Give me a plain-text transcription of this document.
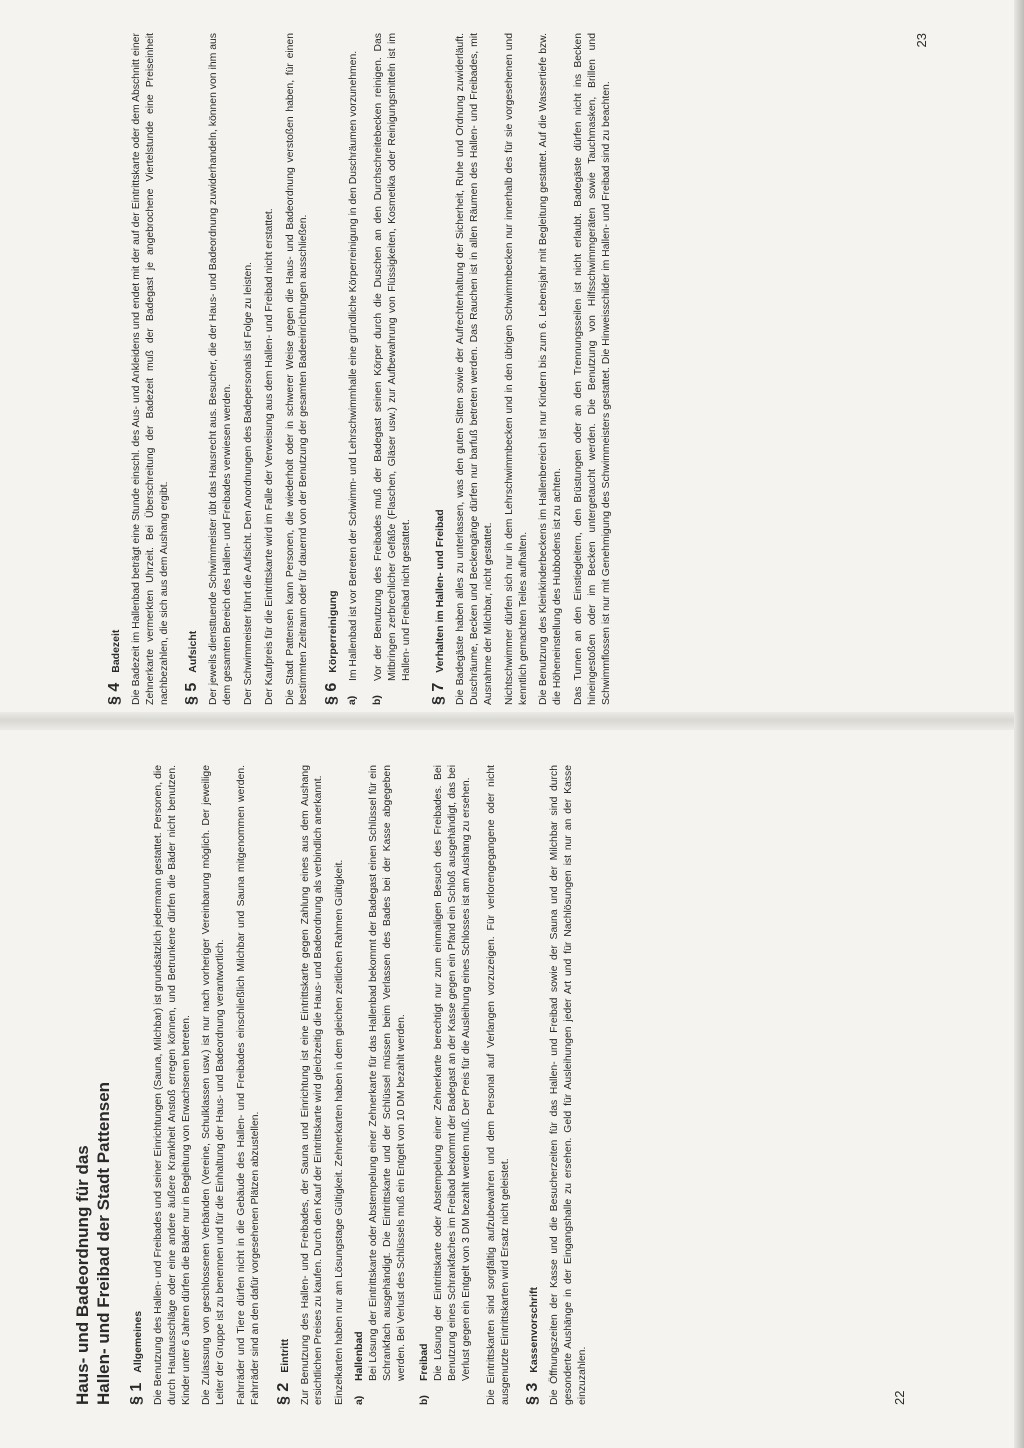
Haus- und Badeordnung für das Hallen- und Freibad der Stadt Pattensen § 1
Allgemeines Die Benutzung des Hallen- und Freibades und seiner Einrichtungen (Sauna, Milchbar) ist grundsätzlich jedermann gestattet. Personen, die durch Hautausschläge oder eine andere äußere Krankheit Anstoß erregen können, und Betrunkene dürfen die Bäder nicht benutzen. Kinder unter 6 Jahren dürfen die Bäder nur in Begleitung von Erwachsenen betreten. Die Zulassung von geschlossenen Verbänden (Vereine, Schulklassen usw.) ist nur nach vorheriger Vereinbarung möglich. Der jeweilige Leiter der Gruppe ist zu benennen und für die Einhaltung der Haus- und Badeordnung verantwortlich. Fahrräder und Tiere dürfen nicht in die Gebäude des Hallen- und Freibades einschließlich Milchbar und Sauna mitgenommen werden. Fahrräder sind an den dafür vorgesehenen Plätzen abzustellen. § 2
Eintritt Zur Benutzung des Hallen- und Freibades, der Sauna und Einrichtung ist eine Eintrittskarte gegen Zahlung eines aus dem Aushang ersichtlichen Preises zu kaufen. Durch den Kauf der Eintrittskarte wird gleichzeitig die Haus- und Badeordnung als verbindlich anerkannt. Einzelkarten haben nur am Lösungstage Gültigkeit. Zehnerkarten haben in dem gleichen zeitlichen Rahmen Gültigkeit. a)
Hallenbad Bei Lösung der Eintrittskarte oder Abstempelung einer Zehnerkarte für das Hallenbad bekommt der Badegast einen Schlüssel für ein Schrankfach ausgehändigt. Die Eintrittskarte und der Schlüssel müssen beim Verlassen des Bades bei der Kasse abgegeben werden. Bei Verlust des Schlüssels muß ein Entgelt von 10 DM bezahlt werden.

b)
Freibad Die Lösung der Eintrittskarte oder Abstempelung einer Zehnerkarte berechtigt nur zum einmaligen Besuch des Freibades. Bei Benutzung eines Schrankfaches im Freibad bekommt der Badegast an der Kasse gegen ein Pfand ein Schloß ausgehändigt, das bei Verlust gegen ein Entgelt von 3 DM bezahlt werden muß. Der Preis für die Ausleihung eines Schlosses ist am Aushang zu ersehen. Die Eintrittskarten sind sorgfältig aufzubewahren und dem Personal auf Verlangen vorzuzeigen. Für verlorengegangene oder nicht ausgenutzte Eintrittskarten wird Ersatz nicht geleistet. § 3
Kassenvorschrift Die Öffnungszeiten der Kasse und die Besucherzeiten für das Hallen- und Freibad sowie der Sauna und der Milchbar sind durch gesonderte Aushänge in der Eingangshalle zu ersehen. Geld für Ausleihungen jeder Art und für Nachlösungen ist nur an der Kasse einzuzahlen.	22
§ 4
Badezeit Die Badezeit im Hallenbad beträgt eine Stunde einschl. des Aus- und Ankleidens und endet mit der auf der Eintrittskarte oder dem Abschnitt einer Zehnerkarte vermerkten Uhrzeit. Bei Überschreitung der Badezeit muß der Badegast je angebrochene Viertelstunde eine Preiseinheit nachbezahlen, die sich aus dem Aushang ergibt. § 5
Aufsicht Der jeweils diensttuende Schwimmeister übt das Hausrecht aus. Besucher, die der Haus- und Badeordnung zuwiderhandeln, können von ihm aus dem gesamten Bereich des Hallen- und Freibades verwiesen werden. Der Schwimmeister führt die Aufsicht. Den Anordnungen des Badepersonals ist Folge zu leisten. Der Kaufpreis für die Eintrittskarte wird im Falle der Verweisung aus dem Hallen- und Freibad nicht erstattet. Die Stadt Pattensen kann Personen, die wiederholt oder in schwerer Weise gegen die Haus- und Badeordnung verstoßen haben, für einen bestimmten Zeitraum oder für dauernd von der Benutzung der gesamten Badeeinrichtungen ausschließen. § 6
Körperreinigung
a)

Im Hallenbad ist vor Betreten der Schwimm- und Lehrschwimmhalle eine gründliche Körperreinigung in den Duschräumen vorzunehmen.

b)

Vor der Benutzung des Freibades muß der Badegast seinen Körper durch die Duschen an den Durchschreitebecken reinigen. Das Mitbringen zerbrechlicher Gefäße (Flaschen, Gläser usw.) zur Aufbewahrung von Flüssigkeiten, Kosmetika oder Reinigungsmitteln ist im Hallen- und Freibad nicht gestattet.

§ 7
Verhalten im Hallen- und Freibad Die Badegäste haben alles zu unterlassen, was den guten Sitten sowie der Aufrechterhaltung der Sicherheit, Ruhe und Ordnung zuwiderläuft. Duschräume, Becken und Beckengänge dürfen nur barfuß betreten werden. Das Rauchen ist in allen Räumen des Hallen- und Freibades, mit Ausnahme der Milchbar, nicht gestattet. Nichtschwimmer dürfen sich nur in dem Lehrschwimmbecken und in den übrigen Schwimmbecken nur innerhalb des für sie vorgesehenen und kenntlich gemachten Teiles aufhalten. Die Benutzung des Kleinkinderbeckens im Hallenbereich ist nur Kindern bis zum 6. Lebensjahr mit Begleitung gestattet. Auf die Wassertiefe bzw. die Höheneinstellung des Hubbodens ist zu achten. Das Turnen an den Einstiegleitern, den Brüstungen oder an den Trennungsseilen ist nicht erlaubt. Badegäste dürfen nicht ins Becken hineingestoßen oder im Becken untergetaucht werden. Die Benutzung von Hilfsschwimmgeräten sowie Tauchmasken, Brillen und Schwimmflossen ist nur mit Genehmigung des Schwimmeisters gestattet. Die Hinweisschilder im Hallen- und Freibad sind zu beachten.

23
